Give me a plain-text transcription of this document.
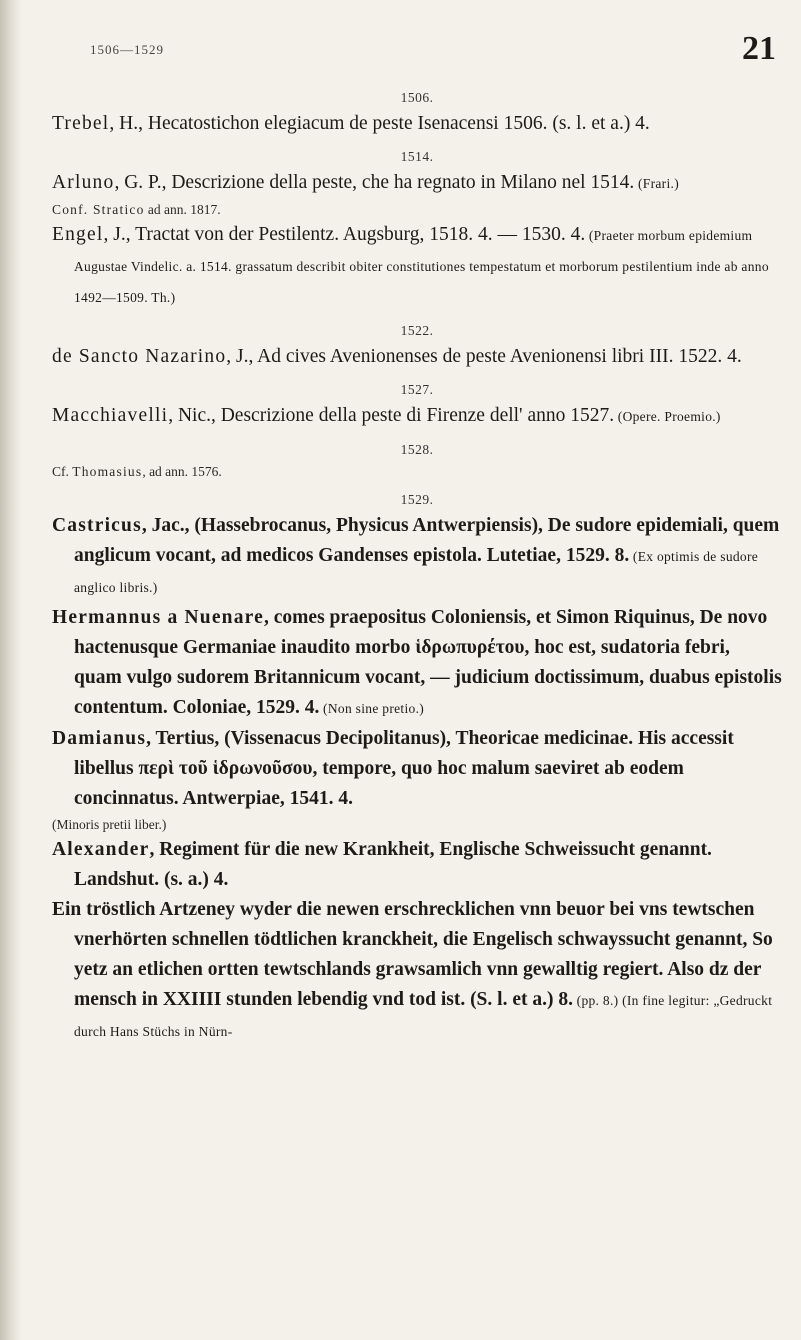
1506—1529	21
1506.

Trebel, H., Hecatostichon elegiacum de peste Isenacensi 1506. (s. l. et a.) 4.

1514.

Arluno, G. P., Descrizione della peste, che ha regnato in Milano nel 1514. (Frari.)

Conf. Stratico ad ann. 1817.

Engel, J., Tractat von der Pestilentz. Augsburg, 1518. 4. — 1530. 4. (Praeter morbum epidemium Augustae Vindelic. a. 1514. grassatum describit obiter constitutiones tempestatum et morborum pestilentium inde ab anno 1492—1509. Th.)

1522.

de Sancto Nazarino, J., Ad cives Avenionenses de peste Avenionensi libri III. 1522. 4.

1527.

Macchiavelli, Nic., Descrizione della peste di Firenze dell' anno 1527. (Opere. Proemio.)

1528.

Cf. Thomasius, ad ann. 1576.

1529.

Castricus, Jac., (Hassebrocanus, Physicus Antwerpiensis), De sudore epidemiali, quem anglicum vocant, ad medicos Gandenses epistola. Lutetiae, 1529. 8. (Ex optimis de sudore anglico libris.)

Hermannus a Nuenare, comes praepositus Coloniensis, et Simon Riquinus, De novo hactenusque Germaniae inaudito morbo ἱδρωπυρέτου, hoc est, sudatoria febri, quam vulgo sudorem Britannicum vocant, — judicium doctissimum, duabus epistolis contentum. Coloniae, 1529. 4. (Non sine pretio.)

Damianus, Tertius, (Vissenacus Decipolitanus), Theoricae medicinae. His accessit libellus περὶ τοῦ ἱδρωνοῦσου, tempore, quo hoc malum saeviret ab eodem concinnatus. Antwerpiae, 1541. 4.

(Minoris pretii liber.)

Alexander, Regiment für die new Krankheit, Englische Schweissucht genannt. Landshut. (s. a.) 4.

Ein tröstlich Artzeney wyder die newen erschrecklichen vnn beuor bei vns tewtschen vnerhörten schnellen tödtlichen kranckheit, die Engelisch schwayssucht genannt, So yetz an etlichen ortten tewtschlands grawsamlich vnn gewalltig regiert. Also dz der mensch in XXIIII stunden lebendig vnd tod ist. (S. l. et a.) 8. (pp. 8.) (In fine legitur: „Gedruckt durch Hans Stüchs in Nürn-
